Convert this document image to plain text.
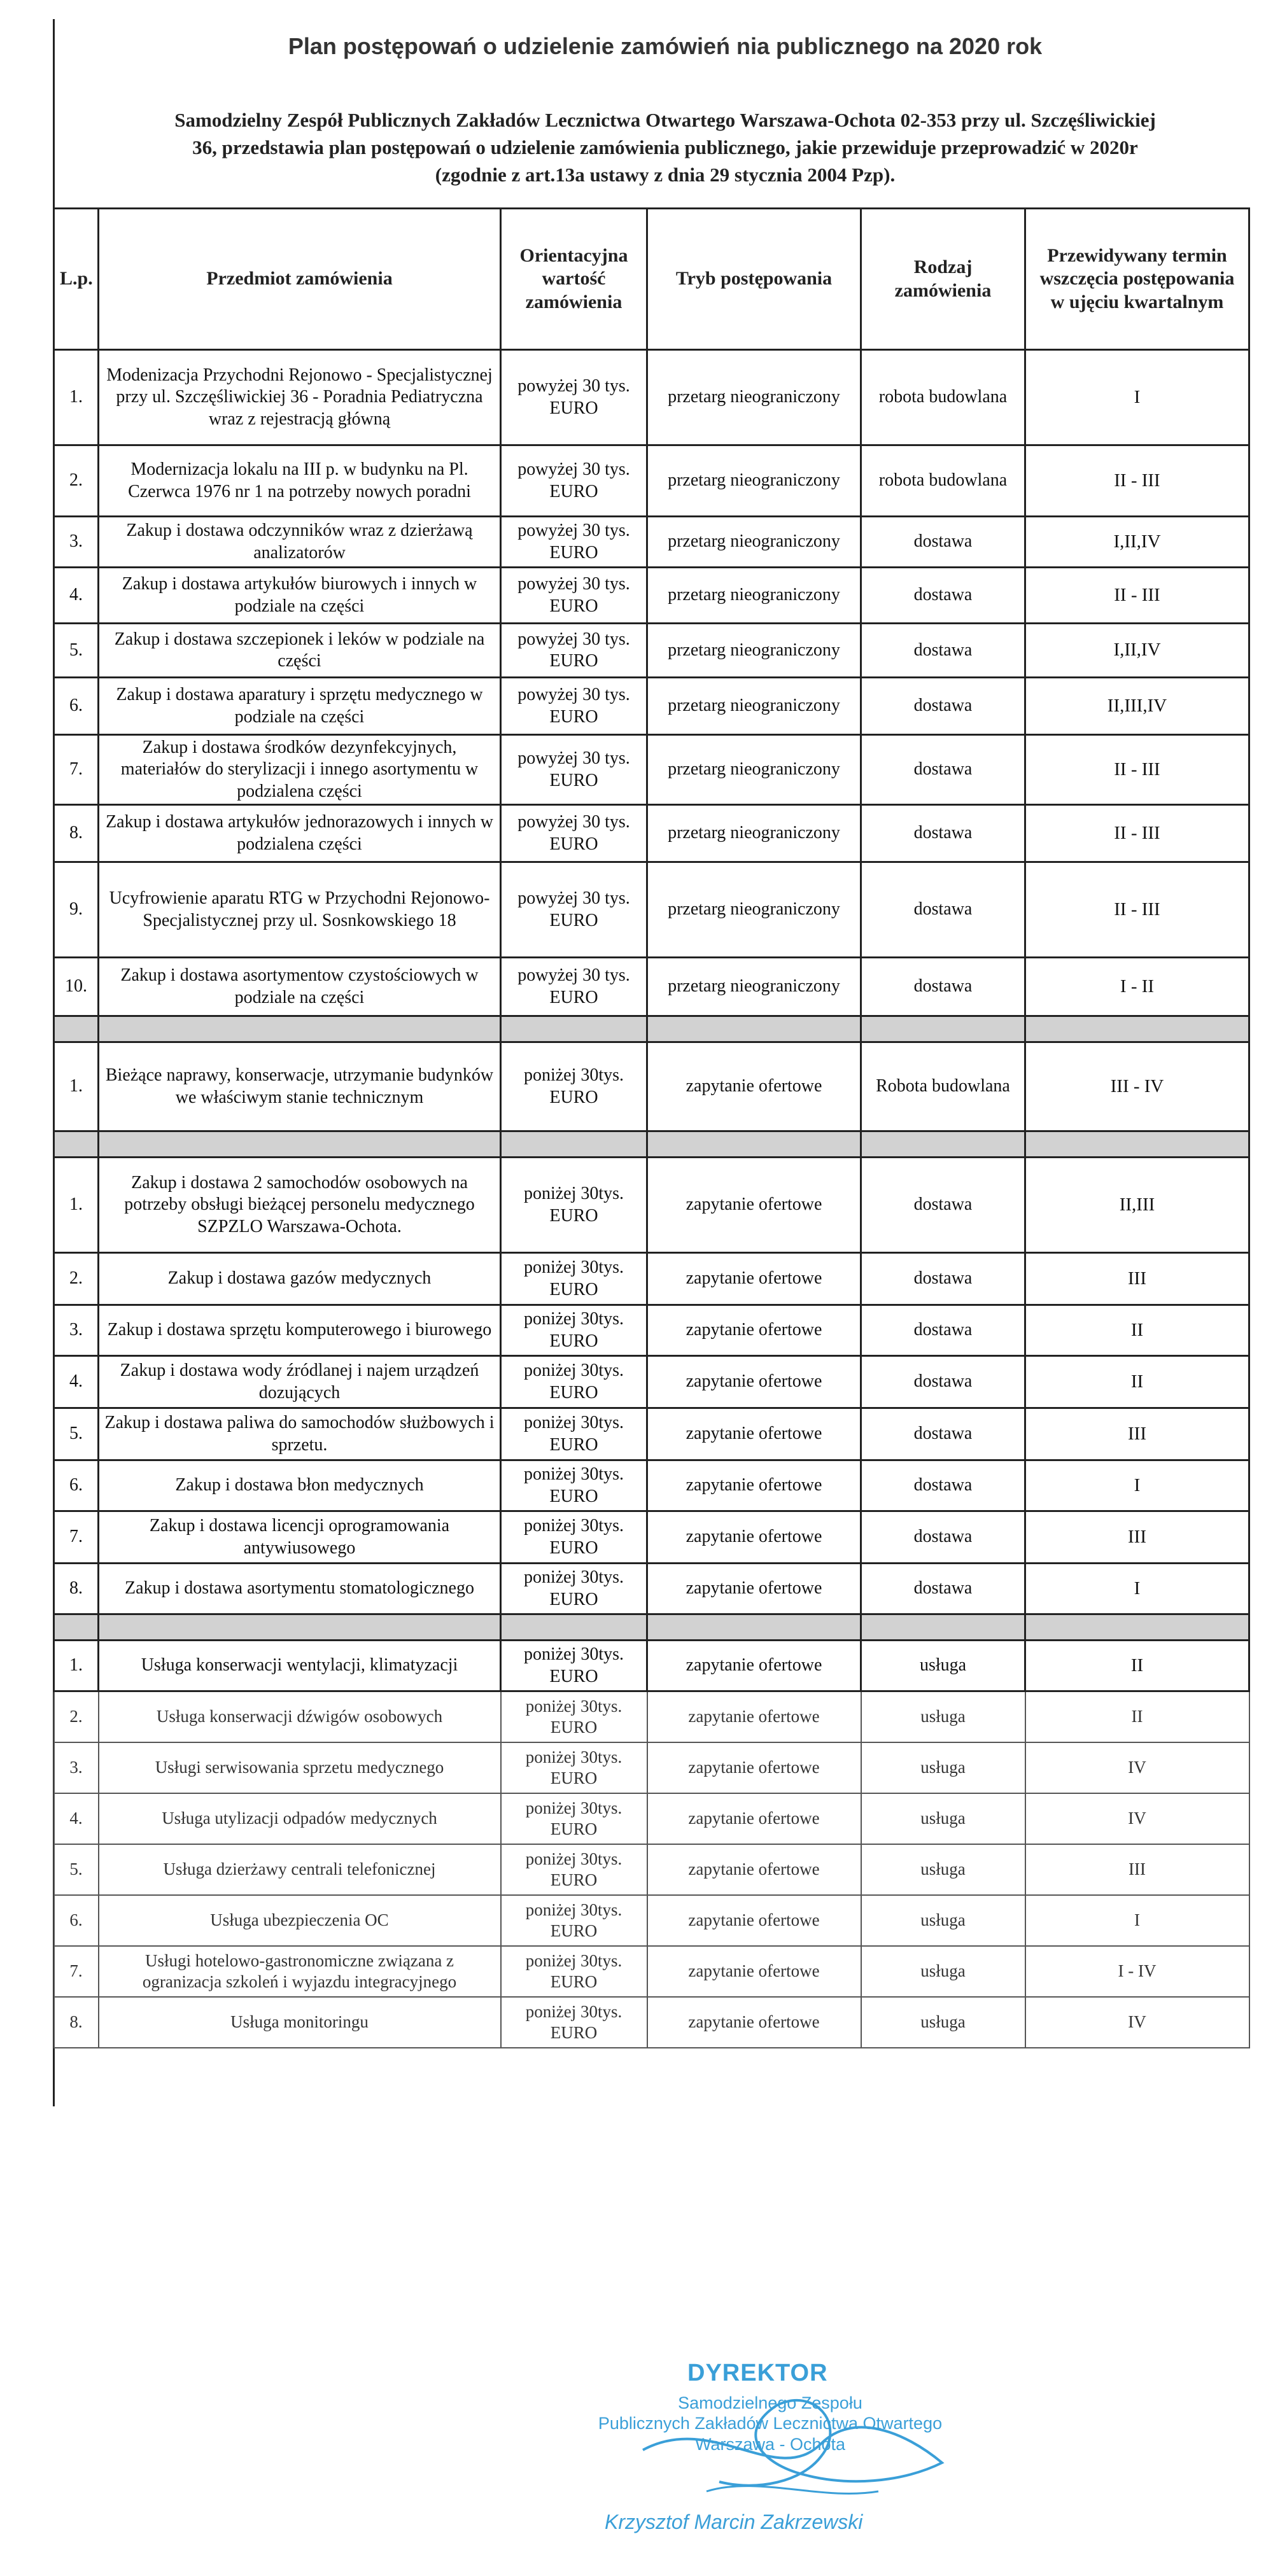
Plan postępowań o udzielenie zamówień nia publicznego na 2020 rok
Samodzielny Zespół Publicznych Zakładów Lecznictwa Otwartego Warszawa-Ochota 02-353 przy ul. Szczęśliwickiej
36, przedstawia plan postępowań o udzielenie zamówienia publicznego, jakie przewiduje przeprowadzić w 2020r
(zgodnie z art.13a ustawy z dnia 29 stycznia 2004 Pzp).
L.p.	Przedmiot zamówienia	Orientacyjna wartość zamówienia	Tryb postępowania	Rodzaj zamówienia	Przewidywany termin wszczęcia postępowania w ujęciu kwartalnym
1.	Modenizacja Przychodni Rejonowo - Specjalistycznej przy ul. Szczęśliwickiej 36 - Poradnia Pediatryczna wraz z rejestracją główną	powyżej 30 tys. EURO	przetarg nieograniczony	robota budowlana	I
2.	Modernizacja lokalu na III p. w budynku na Pl. Czerwca 1976 nr 1 na potrzeby nowych poradni	powyżej 30 tys. EURO	przetarg nieograniczony	robota budowlana	II - III
3.	Zakup i dostawa odczynników wraz z dzierżawą analizatorów	powyżej 30 tys. EURO	przetarg nieograniczony	dostawa	I,II,IV
4.	Zakup i dostawa artykułów biurowych i innych w podziale na części	powyżej 30 tys. EURO	przetarg nieograniczony	dostawa	II - III
5.	Zakup i dostawa szczepionek i leków w podziale na części	powyżej 30 tys. EURO	przetarg nieograniczony	dostawa	I,II,IV
6.	Zakup i dostawa aparatury i sprzętu medycznego w podziale na części	powyżej 30 tys. EURO	przetarg nieograniczony	dostawa	II,III,IV
7.	Zakup i dostawa środków dezynfekcyjnych, materiałów do sterylizacji i innego asortymentu w podzialena części	powyżej 30 tys. EURO	przetarg nieograniczony	dostawa	II - III
8.	Zakup i dostawa artykułów jednorazowych i innych w podzialena części	powyżej 30 tys. EURO	przetarg nieograniczony	dostawa	II - III
9.	Ucyfrowienie aparatu RTG w Przychodni Rejonowo-Specjalistycznej przy ul. Sosnkowskiego 18	powyżej 30 tys. EURO	przetarg nieograniczony	dostawa	II - III
10.	Zakup i dostawa asortymentow czystościowych w podziale na części	powyżej 30 tys. EURO	przetarg nieograniczony	dostawa	I - II

1.	Bieżące naprawy, konserwacje, utrzymanie budynków we właściwym stanie technicznym	poniżej 30tys. EURO	zapytanie ofertowe	Robota budowlana	III - IV

1.	Zakup i dostawa 2 samochodów osobowych na potrzeby obsługi bieżącej personelu medycznego SZPZLO Warszawa-Ochota.	poniżej 30tys. EURO	zapytanie ofertowe	dostawa	II,III
2.	Zakup i dostawa gazów medycznych	poniżej 30tys. EURO	zapytanie ofertowe	dostawa	III
3.	Zakup i dostawa sprzętu komputerowego i biurowego	poniżej 30tys. EURO	zapytanie ofertowe	dostawa	II
4.	Zakup i dostawa wody źródlanej i najem urządzeń dozujących	poniżej 30tys. EURO	zapytanie ofertowe	dostawa	II
5.	Zakup i dostawa paliwa do samochodów służbowych i sprzetu.	poniżej 30tys. EURO	zapytanie ofertowe	dostawa	III
6.	Zakup i dostawa błon medycznych	poniżej 30tys. EURO	zapytanie ofertowe	dostawa	I
7.	Zakup i dostawa licencji oprogramowania antywiusowego	poniżej 30tys. EURO	zapytanie ofertowe	dostawa	III
8.	Zakup i dostawa asortymentu stomatologicznego	poniżej 30tys. EURO	zapytanie ofertowe	dostawa	I

1.	Usługa konserwacji wentylacji, klimatyzacji	poniżej 30tys. EURO	zapytanie ofertowe	usługa	II
2.	Usługa konserwacji dźwigów osobowych	poniżej 30tys. EURO	zapytanie ofertowe	usługa	II
3.	Usługi serwisowania sprzetu medycznego	poniżej 30tys. EURO	zapytanie ofertowe	usługa	IV
4.	Usługa utylizacji odpadów medycznych	poniżej 30tys. EURO	zapytanie ofertowe	usługa	IV
5.	Usługa dzierżawy centrali telefonicznej	poniżej 30tys. EURO	zapytanie ofertowe	usługa	III
6.	Usługa ubezpieczenia OC	poniżej 30tys. EURO	zapytanie ofertowe	usługa	I
7.	Usługi hotelowo-gastronomiczne związana z ogranizacja szkoleń i wyjazdu integracyjnego	poniżej 30tys. EURO	zapytanie ofertowe	usługa	I - IV
8.	Usługa monitoringu	poniżej 30tys. EURO	zapytanie ofertowe	usługa	IV
DYREKTOR
Samodzielnego Zespołu
Publicznych Zakładów Lecznictwa Otwartego
Warszawa - Ochota
Krzysztof Marcin Zakrzewski
